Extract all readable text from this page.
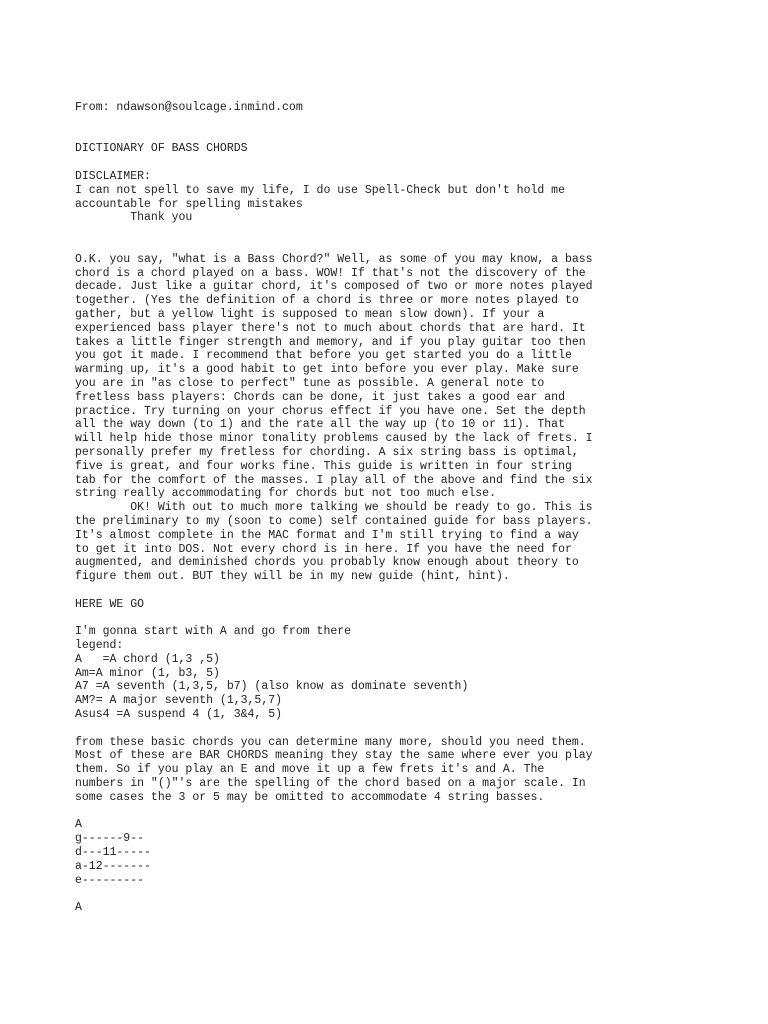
From: ndawson@soulcage.inmind.com

DICTIONARY OF BASS CHORDS

DISCLAIMER:
I can not spell to save my life, I do use Spell-Check but don't hold me
accountable for spelling mistakes
Thank you

O.K. you say, "what is a Bass Chord?" Well, as some of you may know, a bass
chord is a chord played on a bass. WOW! If that's not the discovery of the
decade. Just like a guitar chord, it's composed of two or more notes played
together. (Yes the definition of a chord is three or more notes played to
gather, but a yellow light is supposed to mean slow down). If your a
experienced bass player there's not to much about chords that are hard. It
takes a little finger strength and memory, and if you play guitar too then
you got it made. I recommend that before you get started you do a little
warming up, it's a good habit to get into before you ever play. Make sure
you are in "as close to perfect" tune as possible. A general note to
fretless bass players: Chords can be done, it just takes a good ear and
practice. Try turning on your chorus effect if you have one. Set the depth
all the way down (to 1) and the rate all the way up (to 10 or 11). That
will help hide those minor tonality problems caused by the lack of frets. I
personally prefer my fretless for chording. A six string bass is optimal,
five is great, and four works fine. This guide is written in four string
tab for the comfort of the masses. I play all of the above and find the six
string really accommodating for chords but not too much else.
OK! With out to much more talking we should be ready to go. This is
the preliminary to my (soon to come) self contained guide for bass players.
It's almost complete in the MAC format and I'm still trying to find a way
to get it into DOS. Not every chord is in here. If you have the need for
augmented, and deminished chords you probably know enough about theory to
figure them out. BUT they will be in my new guide (hint, hint).

HERE WE GO

I'm gonna start with A and go from there
legend:
A   =A chord (1,3 ,5)
Am=A minor (1, b3, 5)
A7 =A seventh (1,3,5, b7) (also know as dominate seventh)
AM?= A major seventh (1,3,5,7)
Asus4 =A suspend 4 (1, 3&4, 5)

from these basic chords you can determine many more, should you need them.
Most of these are BAR CHORDS meaning they stay the same where ever you play
them. So if you play an E and move it up a few frets it's and A. The
numbers in "()"'s are the spelling of the chord based on a major scale. In
some cases the 3 or 5 may be omitted to accommodate 4 string basses.

A
g------9--
d---11-----
a-12-------
e---------

A
